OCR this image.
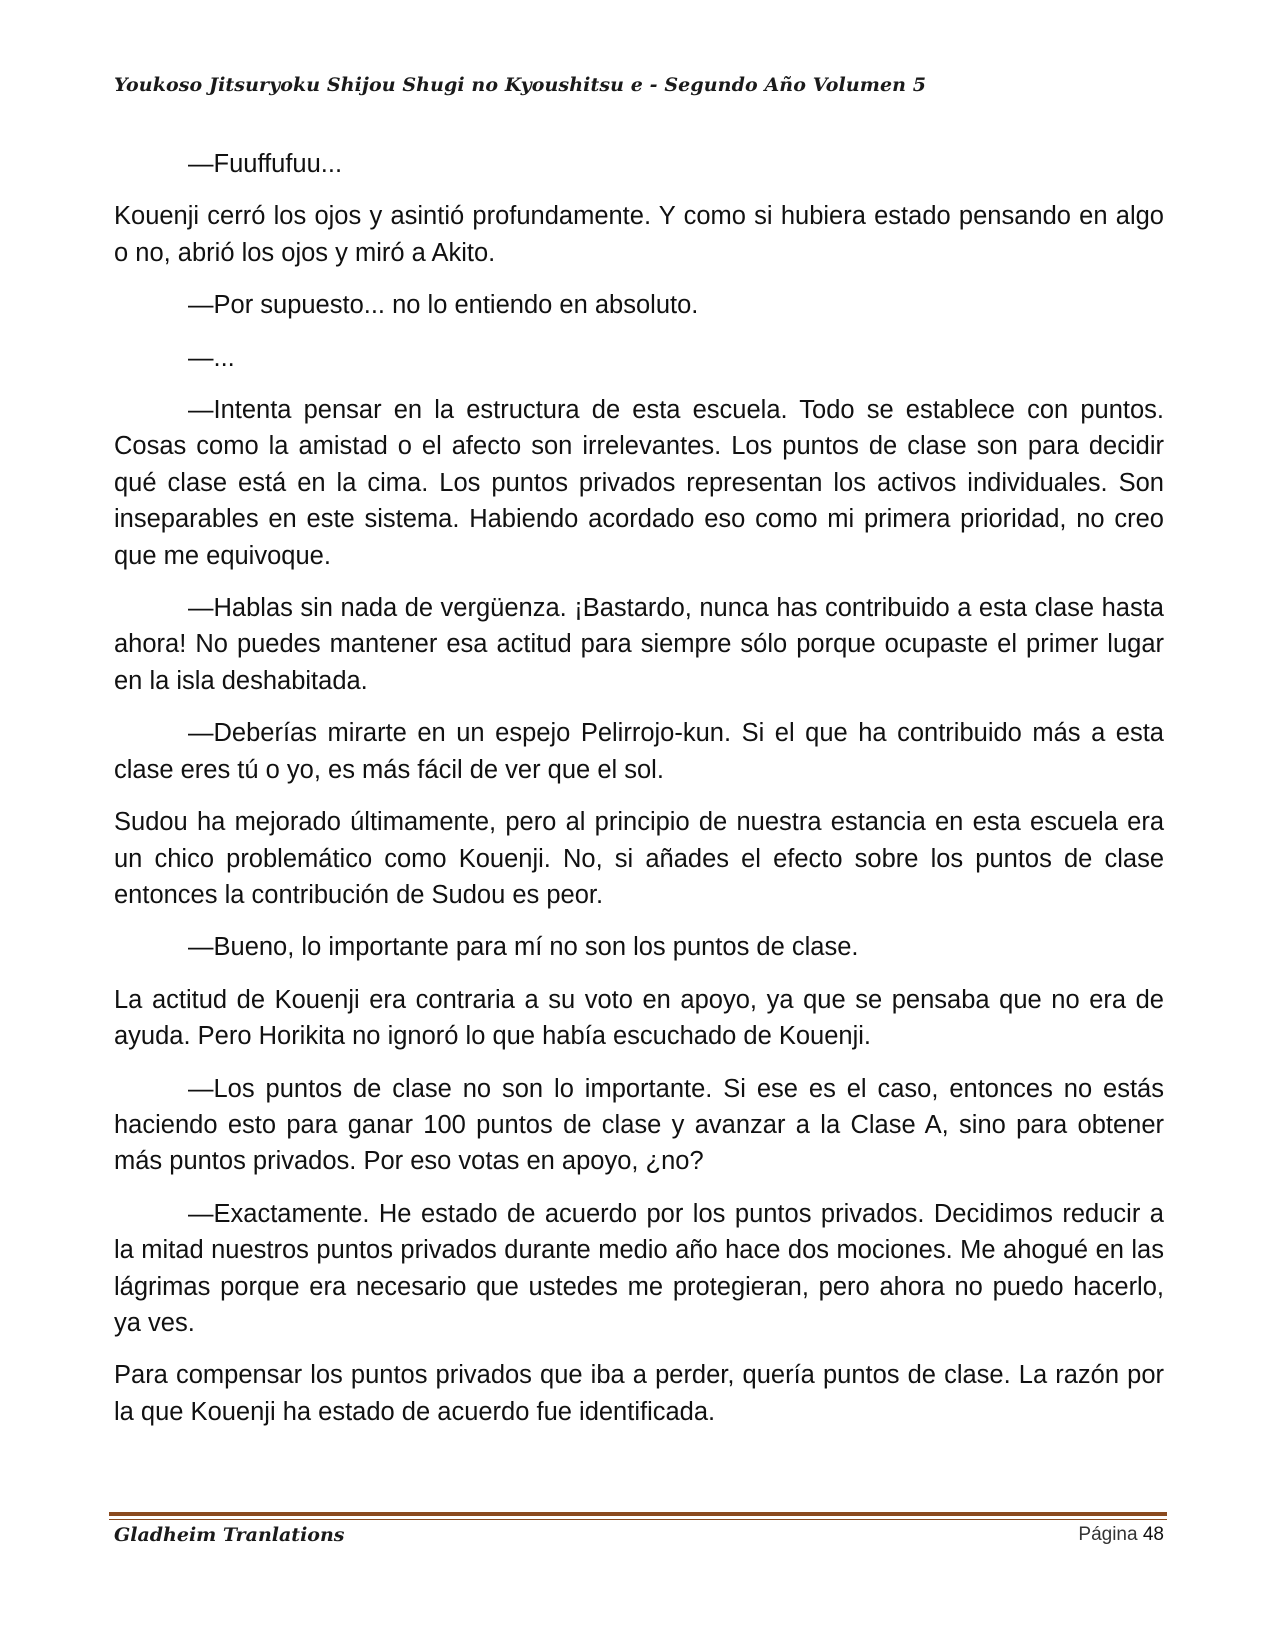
Youkoso Jitsuryoku Shijou Shugi no Kyoushitsu e - Segundo Año Volumen 5

—Fuuffufuu...

Kouenji cerró los ojos y asintió profundamente. Y como si hubiera estado pensando en algo o no, abrió los ojos y miró a Akito.

—Por supuesto... no lo entiendo en absoluto.

—...

—Intenta pensar en la estructura de esta escuela. Todo se establece con puntos. Cosas como la amistad o el afecto son irrelevantes. Los puntos de clase son para decidir qué clase está en la cima. Los puntos privados representan los activos individuales. Son inseparables en este sistema. Habiendo acordado eso como mi primera prioridad, no creo que me equivoque.

—Hablas sin nada de vergüenza. ¡Bastardo, nunca has contribuido a esta clase hasta ahora! No puedes mantener esa actitud para siempre sólo porque ocupaste el primer lugar en la isla deshabitada.

—Deberías mirarte en un espejo Pelirrojo-kun. Si el que ha contribuido más a esta clase eres tú o yo, es más fácil de ver que el sol.

Sudou ha mejorado últimamente, pero al principio de nuestra estancia en esta escuela era un chico problemático como Kouenji. No, si añades el efecto sobre los puntos de clase entonces la contribución de Sudou es peor.

—Bueno, lo importante para mí no son los puntos de clase.

La actitud de Kouenji era contraria a su voto en apoyo, ya que se pensaba que no era de ayuda. Pero Horikita no ignoró lo que había escuchado de Kouenji.

—Los puntos de clase no son lo importante. Si ese es el caso, entonces no estás haciendo esto para ganar 100 puntos de clase y avanzar a la Clase A, sino para obtener más puntos privados. Por eso votas en apoyo, ¿no?

—Exactamente. He estado de acuerdo por los puntos privados. Decidimos reducir a la mitad nuestros puntos privados durante medio año hace dos mociones. Me ahogué en las lágrimas porque era necesario que ustedes me protegieran, pero ahora no puedo hacerlo, ya ves.

Para compensar los puntos privados que iba a perder, quería puntos de clase. La razón por la que Kouenji ha estado de acuerdo fue identificada.

Gladheim Tranlations	Página 48
